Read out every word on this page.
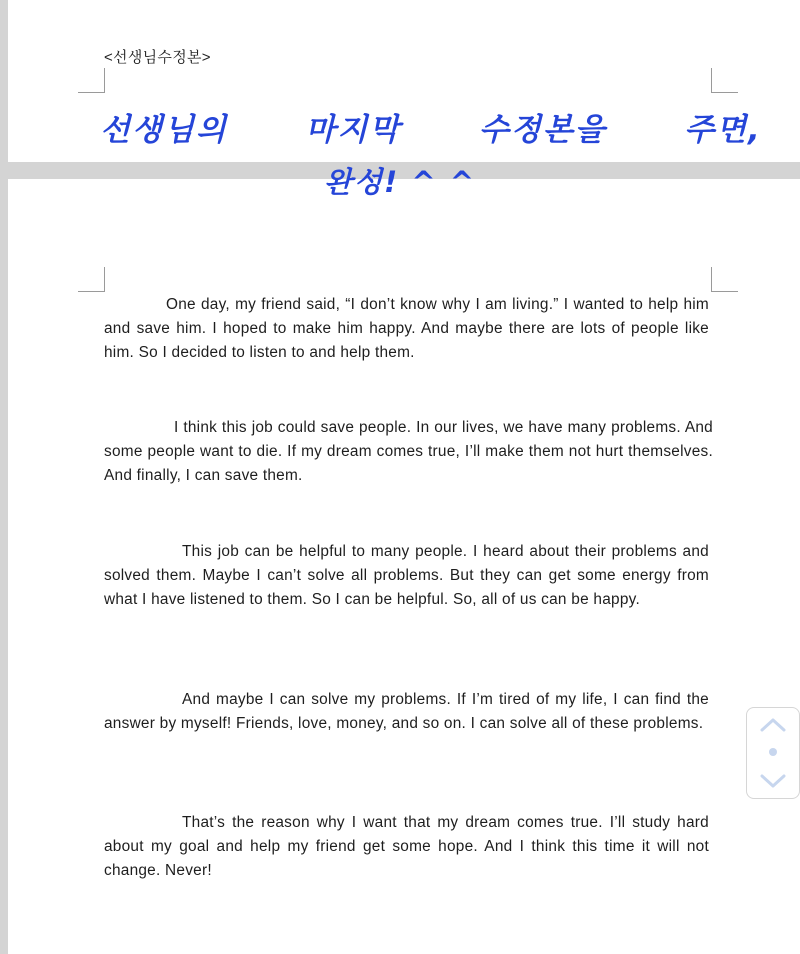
<선생님수정본>
선생님의  마지막  수정본을  주면,
완성! ^ ^

One day, my friend said, “I don’t know why I am living.” I wanted to help him and save him. I hoped to make him happy. And maybe there are lots of people like him. So I decided to listen to and help them.

I think this job could save people. In our lives, we have many problems. And some people want to die. If my dream comes true, I’ll make them not hurt themselves. And finally, I can save them.

This job can be helpful to many people. I heard about their problems and solved them. Maybe I can’t solve all problems. But they can get some energy from what I have listened to them. So I can be helpful. So, all of us can be happy.

And maybe I can solve my problems. If I’m tired of my life, I can find the answer by myself! Friends, love, money, and so on. I can solve all of these problems.

That’s the reason why I want that my dream comes true. I’ll study hard about my goal and help my friend get some hope. And I think this time it will not change. Never!
